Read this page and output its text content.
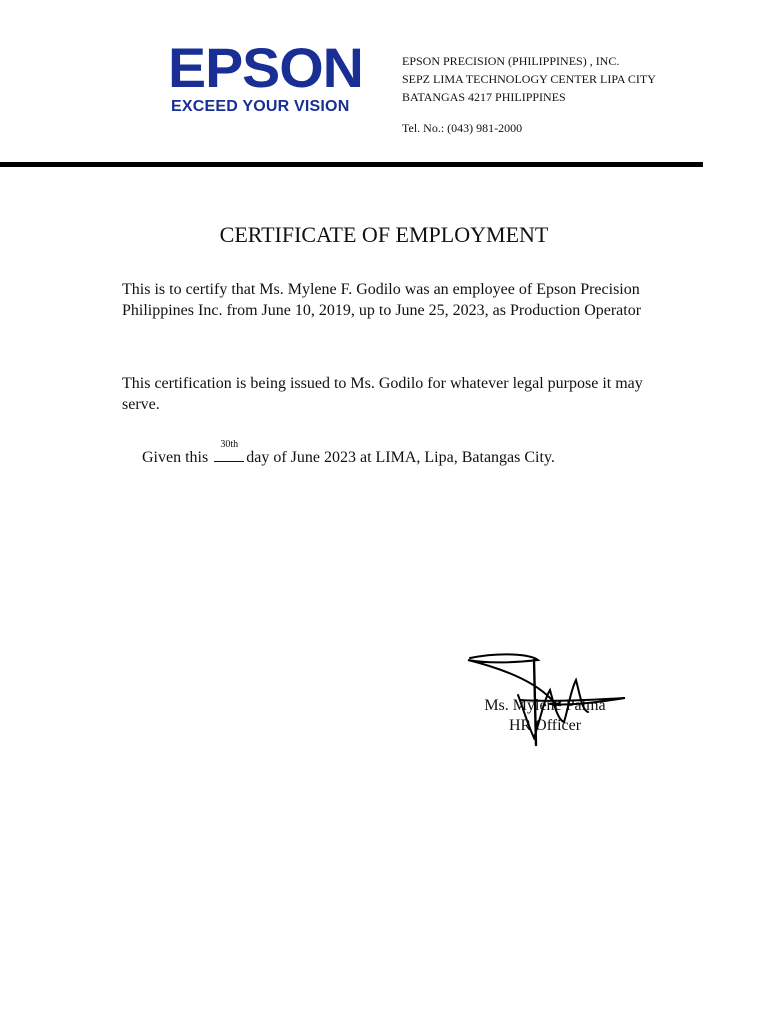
EPSON
EXCEED YOUR VISION
EPSON PRECISION (PHILIPPINES) , INC.
SEPZ LIMA TECHNOLOGY CENTER LIPA CITY
BATANGAS 4217 PHILIPPINES
Tel. No.: (043) 981-2000
CERTIFICATE OF EMPLOYMENT
This is to certify that Ms. Mylene F. Godilo was an employee of Epson Precision Philippines Inc. from June 10, 2019, up to June 25, 2023, as Production Operator
This certification is being issued to Ms. Godilo for whatever legal purpose it may serve.
Given this
30th
day of June 2023 at LIMA, Lipa, Batangas City.
Ms. Mylene Palma
HR Officer
